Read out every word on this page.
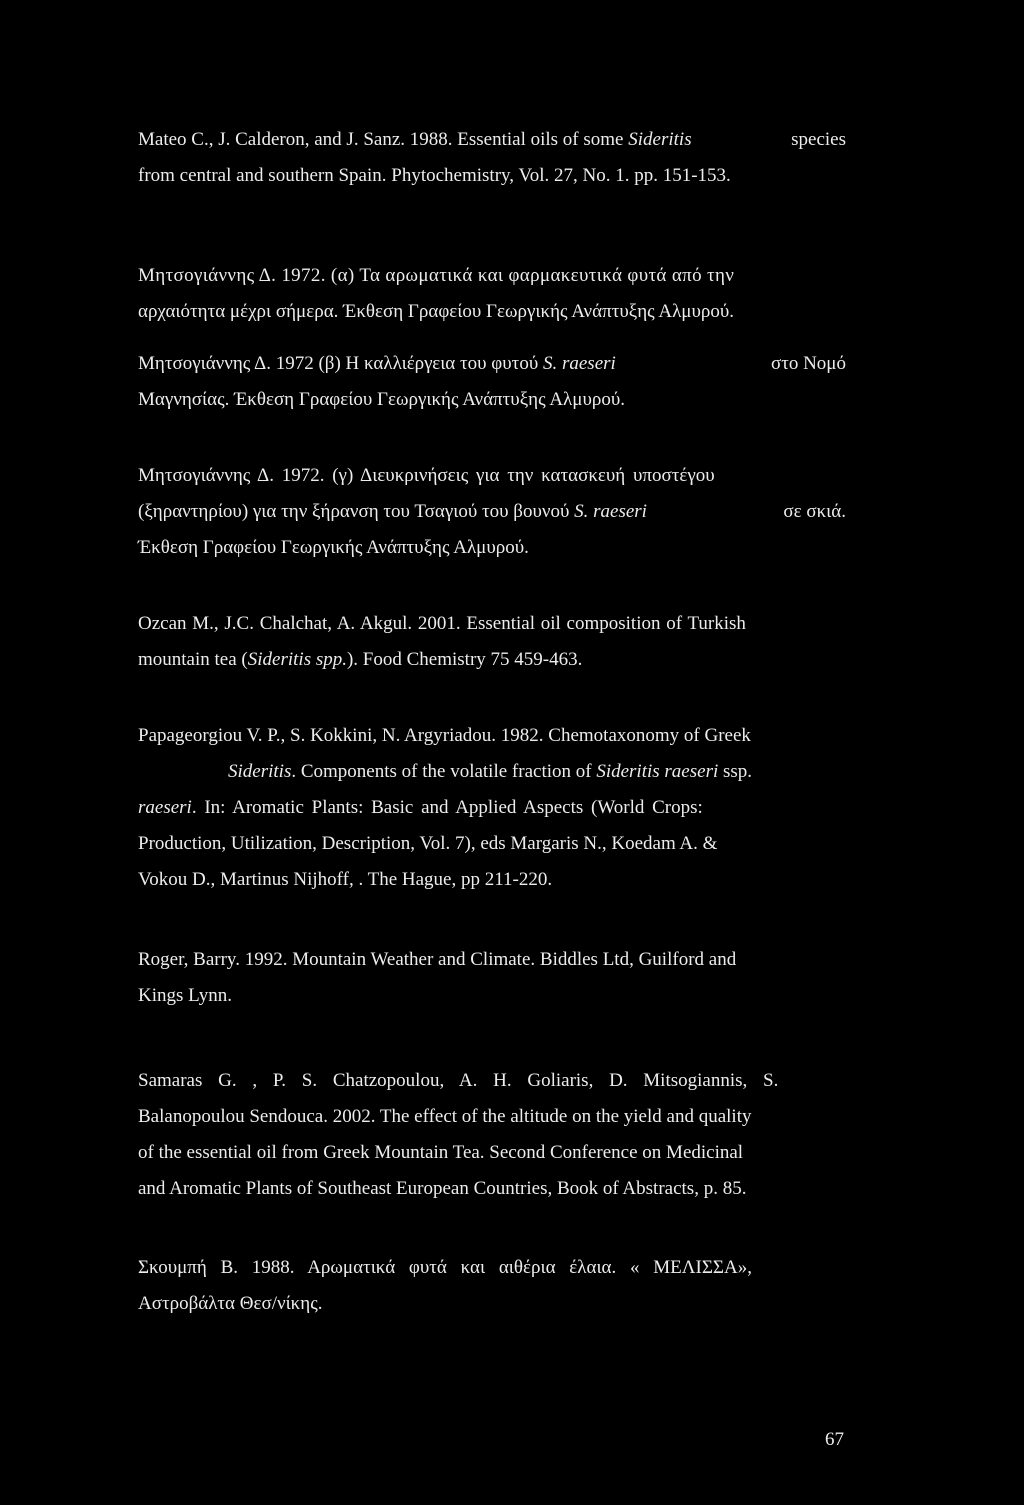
Mateo C., J. Calderon, and J. Sanz. 1988. Essential oils of some Sideritis	species
from central and southern Spain. Phytochemistry, Vol. 27, No. 1. pp. 151-153.
Μητσογιάννης Δ. 1972. (α) Τα αρωματικά και φαρμακευτικά φυτά από την
αρχαιότητα μέχρι σήμερα. Έκθεση Γραφείου Γεωργικής Ανάπτυξης Αλμυρού.
Μητσογιάννης Δ. 1972 (β) Η καλλιέργεια του φυτού S. raeseri	στο Νομό
Μαγνησίας. Έκθεση Γραφείου Γεωργικής Ανάπτυξης Αλμυρού.
Μητσογιάννης Δ. 1972. (γ) Διευκρινήσεις για την κατασκευή υποστέγου
(ξηραντηρίου) για την ξήρανση του Τσαγιού του βουνού S. raeseri	σε σκιά.
Έκθεση Γραφείου Γεωργικής Ανάπτυξης Αλμυρού.
Ozcan M., J.C. Chalchat, A. Akgul. 2001. Essential oil composition of Turkish
mountain tea (Sideritis spp.). Food Chemistry 75 459-463.
Papageorgiou V. P., S. Kokkini, N. Argyriadou. 1982. Chemotaxonomy of Greek
Sideritis. Components of the volatile fraction of Sideritis raeseri ssp.
raeseri. In: Aromatic Plants: Basic and Applied Aspects (World Crops:
Production, Utilization, Description, Vol. 7), eds Margaris N., Koedam A. &
Vokou D., Martinus Nijhoff, . The Hague, pp 211-220.
Roger, Barry. 1992. Mountain Weather and Climate. Biddles Ltd, Guilford and
Kings Lynn.
Samaras G. , P. S. Chatzopoulou, A. H. Goliaris, D. Mitsogiannis, S.
Balanopoulou Sendouca. 2002. The effect of the altitude on the yield and quality
of the essential oil from Greek Mountain Tea. Second Conference on Medicinal
and Aromatic Plants of Southeast European Countries, Book of Abstracts, p. 85.
Σκουμπή Β. 1988. Αρωματικά φυτά και αιθέρια έλαια. « ΜΕΛΙΣΣΑ»,
Αστροβάλτα Θεσ/νίκης.
67
